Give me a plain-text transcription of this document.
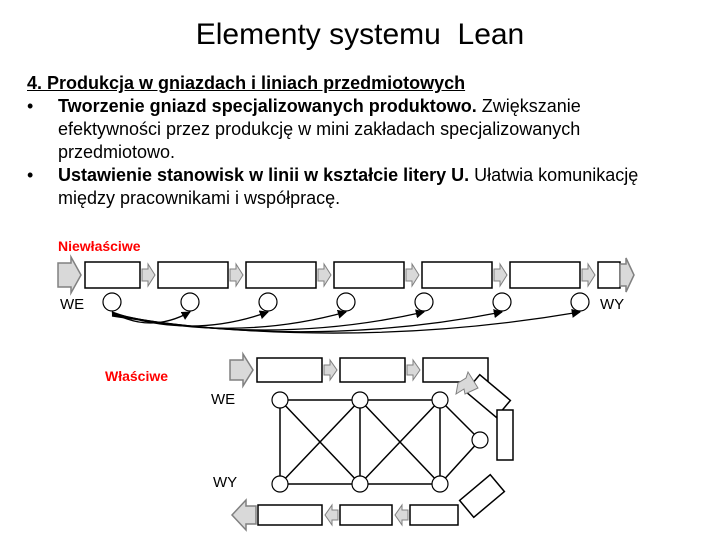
Elementy systemu  Lean

4. Produkcja w gniazdach i liniach przedmiotowych

• Tworzenie gniazd specjalizowanych produktowo. Zwiększanie efektywności przez produkcję w mini zakładach specjalizowanych przedmiotowo.

• Ustawienie stanowisk w linii w kształcie litery U. Ułatwia komunikację między pracownikami i współpracę.

Niewłaściwe
WE	WY
Właściwe
WE
WY
